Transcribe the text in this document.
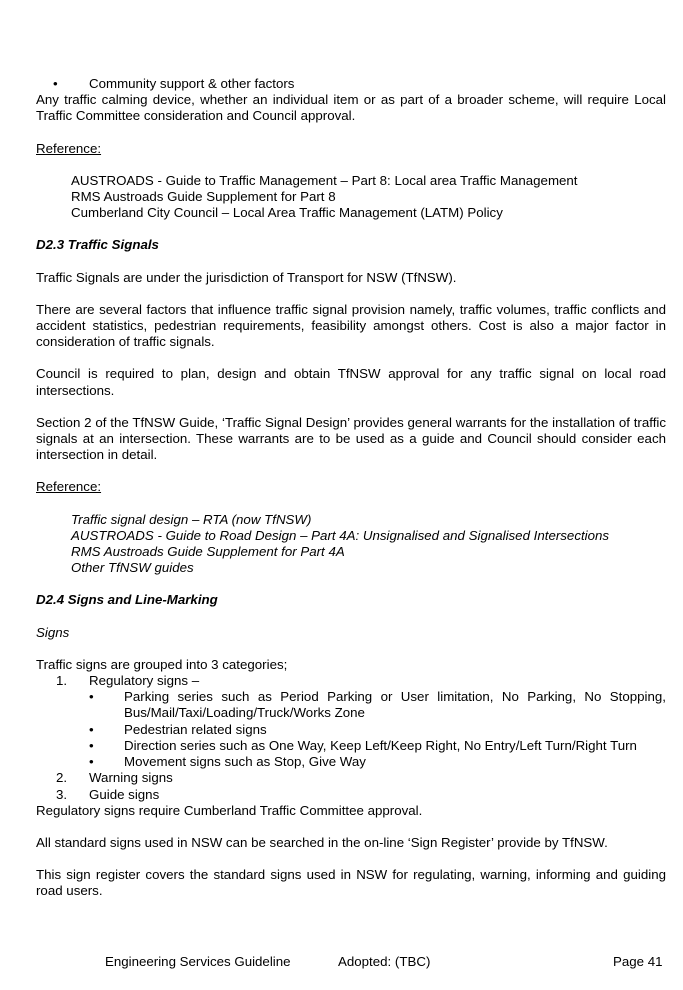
•	Community support & other factors

Any traffic calming device, whether an individual item or as part of a broader scheme, will require Local Traffic Committee consideration and Council approval.

Reference:

AUSTROADS - Guide to Traffic Management – Part 8: Local area Traffic Management

RMS Austroads Guide Supplement for Part 8

Cumberland City Council – Local Area Traffic Management (LATM) Policy

D2.3 Traffic Signals

Traffic Signals are under the jurisdiction of Transport for NSW (TfNSW).

There are several factors that influence traffic signal provision namely, traffic volumes, traffic conflicts and accident statistics, pedestrian requirements, feasibility amongst others. Cost is also a major factor in consideration of traffic signals.

Council is required to plan, design and obtain TfNSW approval for any traffic signal on local road intersections.

Section 2 of the TfNSW Guide, ‘Traffic Signal Design’ provides general warrants for the installation of traffic signals at an intersection. These warrants are to be used as a guide and Council should consider each intersection in detail.

Reference:

Traffic signal design – RTA (now TfNSW)

AUSTROADS - Guide to Road Design – Part 4A: Unsignalised and Signalised Intersections

RMS Austroads Guide Supplement for Part 4A

Other TfNSW guides

D2.4 Signs and Line-Marking

Signs

Traffic signs are grouped into 3 categories;

1.	Regulatory signs –
•	Parking series such as Period Parking or User limitation, No Parking, No Stopping, Bus/Mail/Taxi/Loading/Truck/Works Zone
•	Pedestrian related signs
•	Direction series such as One Way, Keep Left/Keep Right, No Entry/Left Turn/Right Turn
•	Movement signs such as Stop, Give Way
2.	Warning signs
3.	Guide signs

Regulatory signs require Cumberland Traffic Committee approval.

All standard signs used in NSW can be searched in the on-line ‘Sign Register’ provide by TfNSW.

This sign register covers the standard signs used in NSW for regulating, warning, informing and guiding road users.

Engineering Services Guideline	Adopted: (TBC)	Page 41
